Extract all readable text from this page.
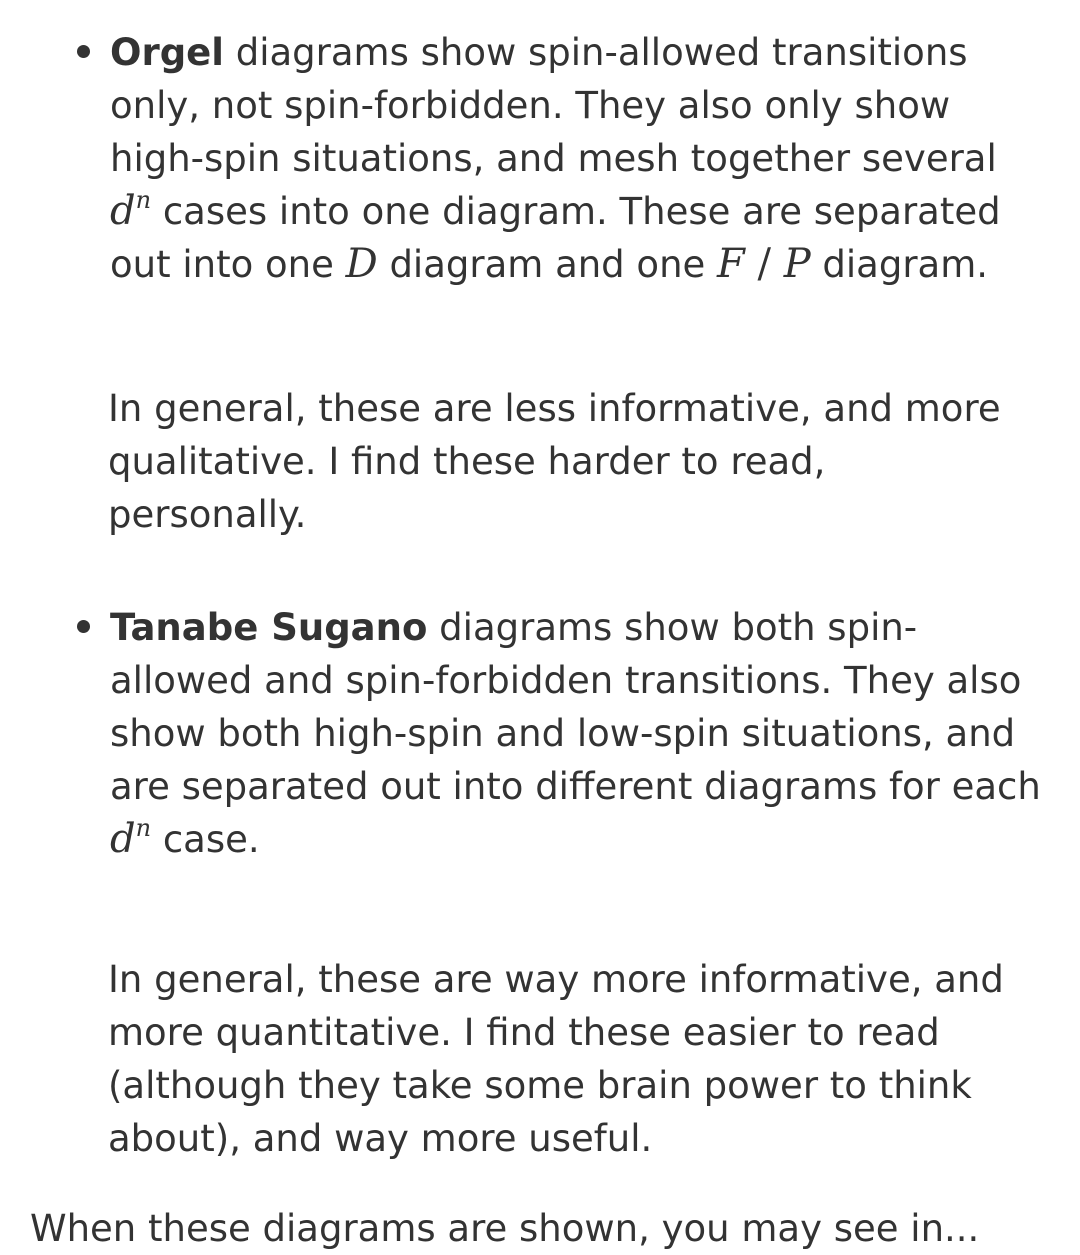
Orgel diagrams show spin-allowed transitions
only, not spin-forbidden. They also only show
high-spin situations, and mesh together several
$d^n$ cases into one diagram. These are separated
out into one D diagram and one F / P diagram.
In general, these are less informative, and more
qualitative. I find these harder to read,
personally.
Tanabe Sugano diagrams show both spin-
allowed and spin-forbidden transitions. They also
show both high-spin and low-spin situations, and
are separated out into different diagrams for each
$d^n$ case.
In general, these are way more informative, and
more quantitative. I find these easier to read
(although they take some brain power to think
about), and way more useful.
When these diagrams are shown, you may see in...
